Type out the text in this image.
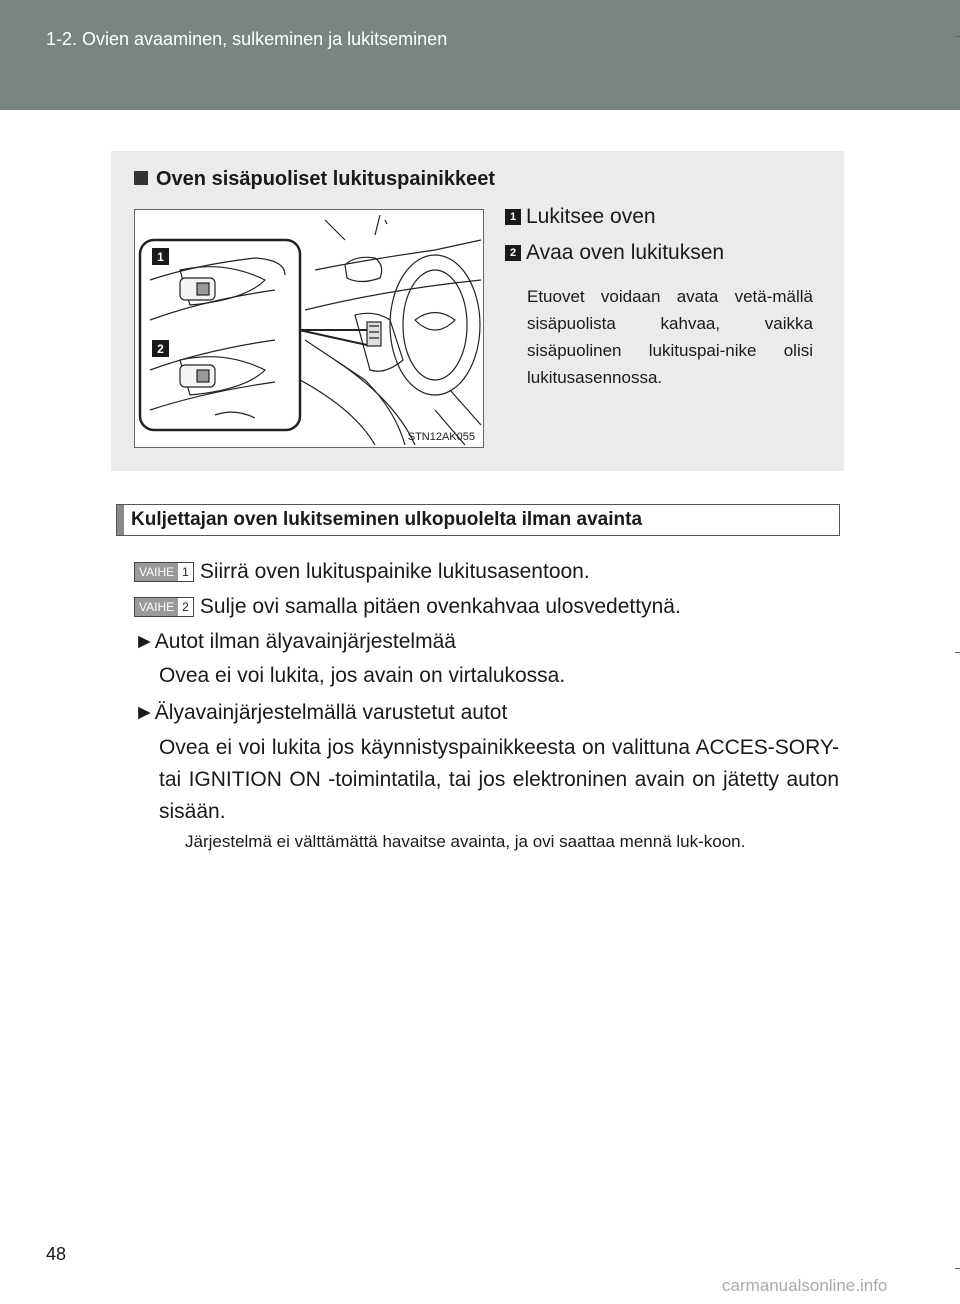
1-2. Ovien avaaminen, sulkeminen ja lukitseminen
Oven sisäpuoliset lukituspainikkeet
1
2
STN12AK055
1 Lukitsee oven
2 Avaa oven lukituksen
Etuovet voidaan avata vetä-mällä sisäpuolista kahvaa, vaikka sisäpuolinen lukituspai-nike olisi lukitusasennossa.
Kuljettajan oven lukitseminen ulkopuolelta ilman avainta
VAIHE 1 Siirrä oven lukituspainike lukitusasentoon.
VAIHE 2 Sulje ovi samalla pitäen ovenkahvaa ulosvedettynä.
►Autot ilman älyavainjärjestelmää
Ovea ei voi lukita, jos avain on virtalukossa.
►Älyavainjärjestelmällä varustetut autot
Ovea ei voi lukita jos käynnistyspainikkeesta on valittuna ACCES-SORY- tai IGNITION ON -toimintatila, tai jos elektroninen avain on jätetty auton sisään.
Järjestelmä ei välttämättä havaitse avainta, ja ovi saattaa mennä luk-koon.
48
carmanualsonline.info
